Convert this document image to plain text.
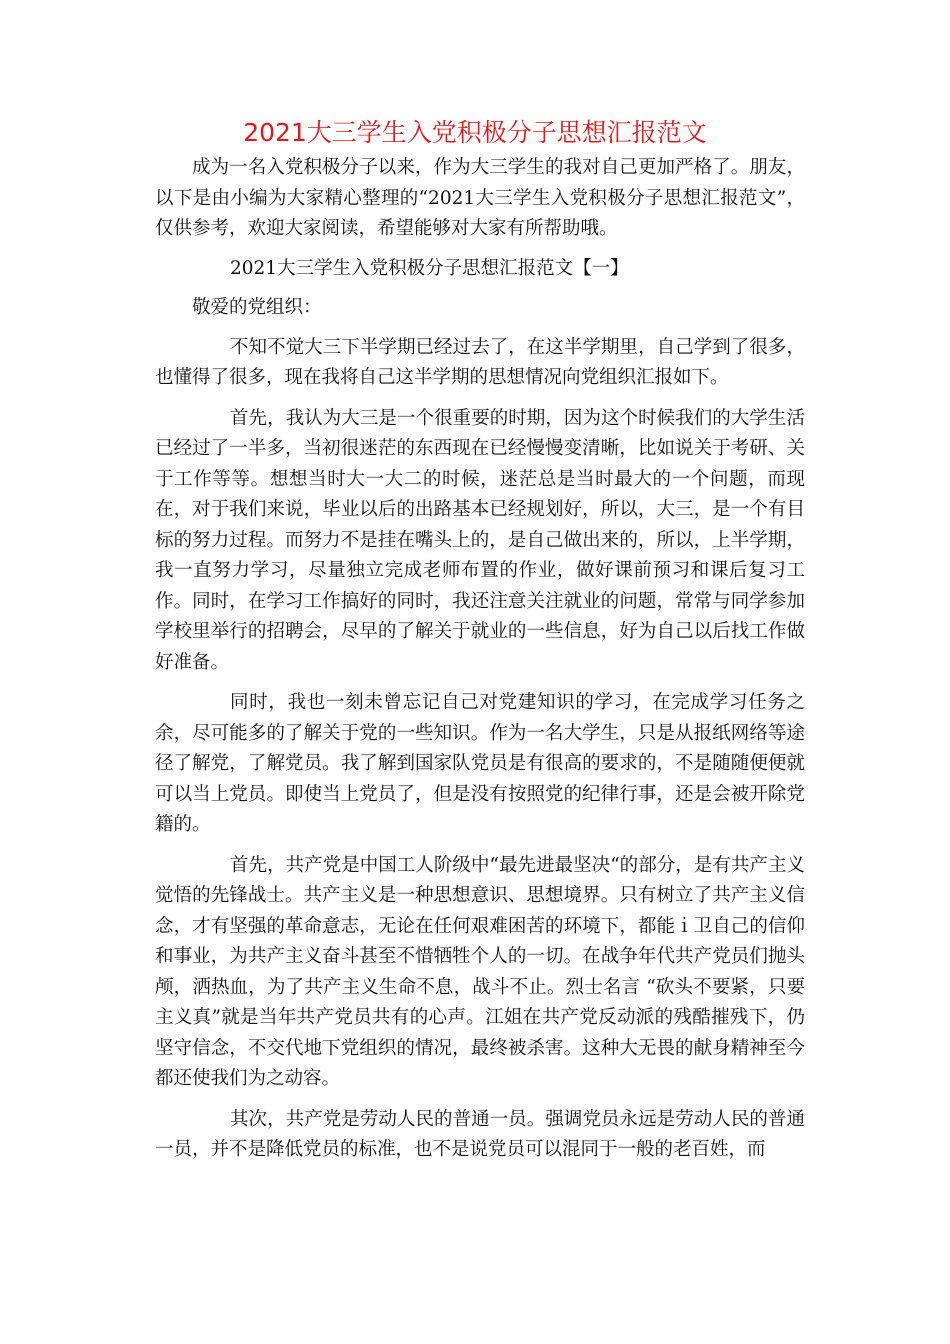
2021大三学生入党积极分子思想汇报范文

成为一名入党积极分子以来，作为大三学生的我对自己更加严格了。朋友，以下是由小编为大家精心整理的“2021大三学生入党积极分子思想汇报范文”，仅供参考，欢迎大家阅读，希望能够对大家有所帮助哦。

2021大三学生入党积极分子思想汇报范文【一】

敬爱的党组织：

不知不觉大三下半学期已经过去了，在这半学期里，自己学到了很多，也懂得了很多，现在我将自己这半学期的思想情况向党组织汇报如下。

首先，我认为大三是一个很重要的时期，因为这个时候我们的大学生活已经过了一半多，当初很迷茫的东西现在已经慢慢变清晰，比如说关于考研、关于工作等等。想想当时大一大二的时候，迷茫总是当时最大的一个问题，而现在，对于我们来说，毕业以后的出路基本已经规划好，所以，大三，是一个有目标的努力过程。而努力不是挂在嘴头上的，是自己做出来的，所以，上半学期，我一直努力学习，尽量独立完成老师布置的作业，做好课前预习和课后复习工作。同时，在学习工作搞好的同时，我还注意关注就业的问题，常常与同学参加学校里举行的招聘会，尽早的了解关于就业的一些信息，好为自己以后找工作做好准备。

同时，我也一刻未曾忘记自己对党建知识的学习，在完成学习任务之余，尽可能多的了解关于党的一些知识。作为一名大学生，只是从报纸网络等途径了解党，了解党员。我了解到国家队党员是有很高的要求的，不是随随便便就可以当上党员。即使当上党员了，但是没有按照党的纪律行事，还是会被开除党籍的。

首先，共产党是中国工人阶级中“最先进最坚决“的部分，是有共产主义觉悟的先锋战士。共产主义是一种思想意识、思想境界。只有树立了共产主义信念，才有坚强的革命意志，无论在任何艰难困苦的环境下，都能ｉ卫自己的信仰和事业，为共产主义奋斗甚至不惜牺牲个人的一切。在战争年代共产党员们抛头颅，洒热血，为了共产主义生命不息，战斗不止。烈士名言 “砍头不要紧，只要主义真”就是当年共产党员共有的心声。江姐在共产党反动派的残酷摧残下，仍坚守信念，不交代地下党组织的情况，最终被杀害。这种大无畏的献身精神至今都还使我们为之动容。

其次，共产党是劳动人民的普通一员。强调党员永远是劳动人民的普通一员，并不是降低党员的标准，也不是说党员可以混同于一般的老百姓，而
